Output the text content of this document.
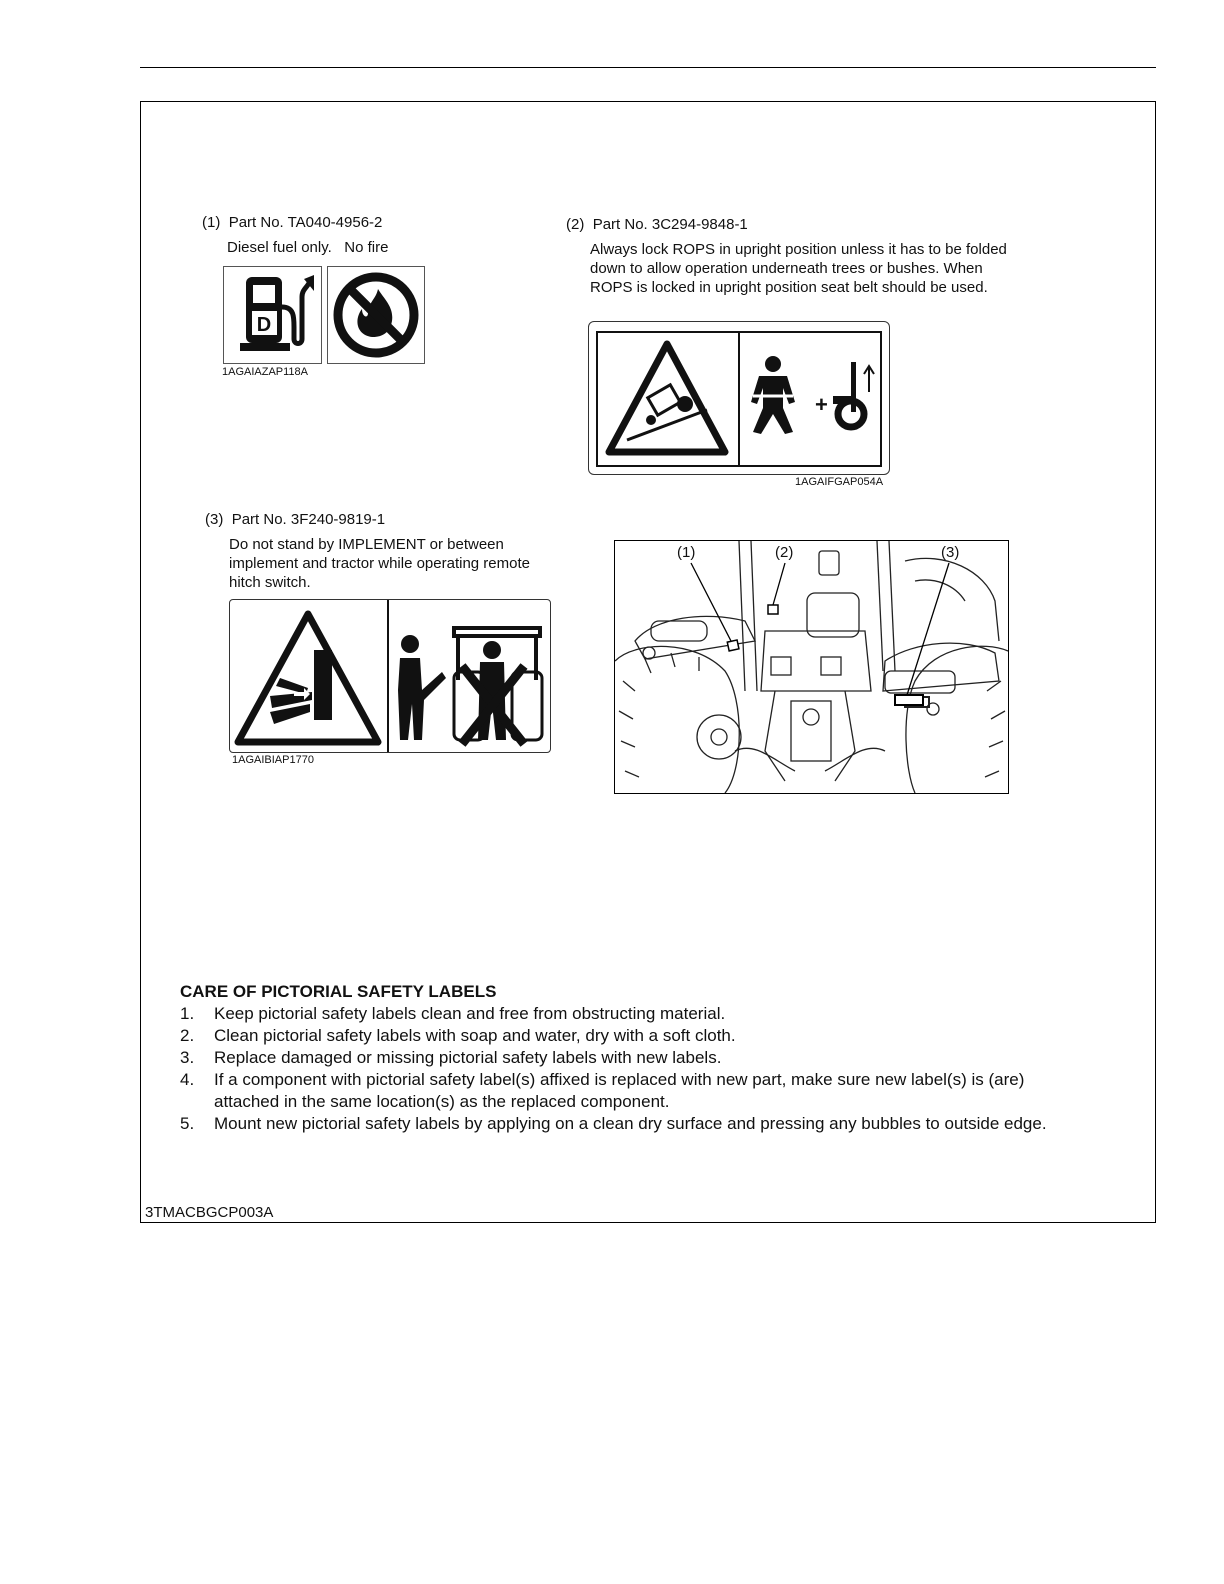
(1) Part No. TA040-4956-2
Diesel fuel only.   No fire
D
1AGAIAZAP118A
(2) Part No. 3C294-9848-1
Always lock ROPS in upright position unless it has to be folded down to allow operation underneath trees or bushes. When ROPS is locked in upright position seat belt should be used.
+
1AGAIFGAP054A
(3) Part No. 3F240-9819-1
Do not stand by IMPLEMENT or between implement and tractor while operating remote hitch switch.
1AGAIBIAP1770
(1)	(2)	(3)
CARE OF PICTORIAL SAFETY LABELS
1. Keep pictorial safety labels clean and free from obstructing material.
2. Clean pictorial safety labels with soap and water, dry with a soft cloth.
3. Replace damaged or missing pictorial safety labels with new labels.
4. If a component with pictorial safety label(s) affixed is replaced with new part, make sure new label(s) is (are) attached in the same location(s) as the replaced component.
5. Mount new pictorial safety labels by applying on a clean dry surface and pressing any bubbles to outside edge.
3TMACBGCP003A
